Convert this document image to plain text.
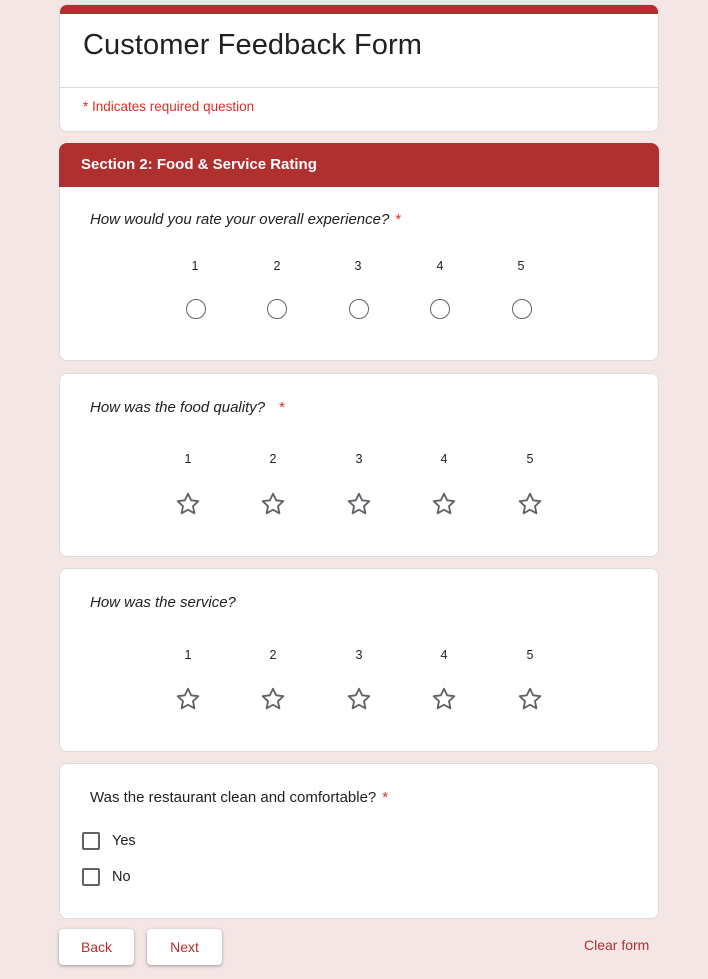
Customer Feedback Form
* Indicates required question
Section 2: Food & Service Rating
How would you rate your overall experience? *
1	2	3	4	5
How was the food quality? *
1	2	3	4	5
How was the service?
1	2	3	4	5
Was the restaurant clean and comfortable? *
Yes
No
Back	Next	Clear form
